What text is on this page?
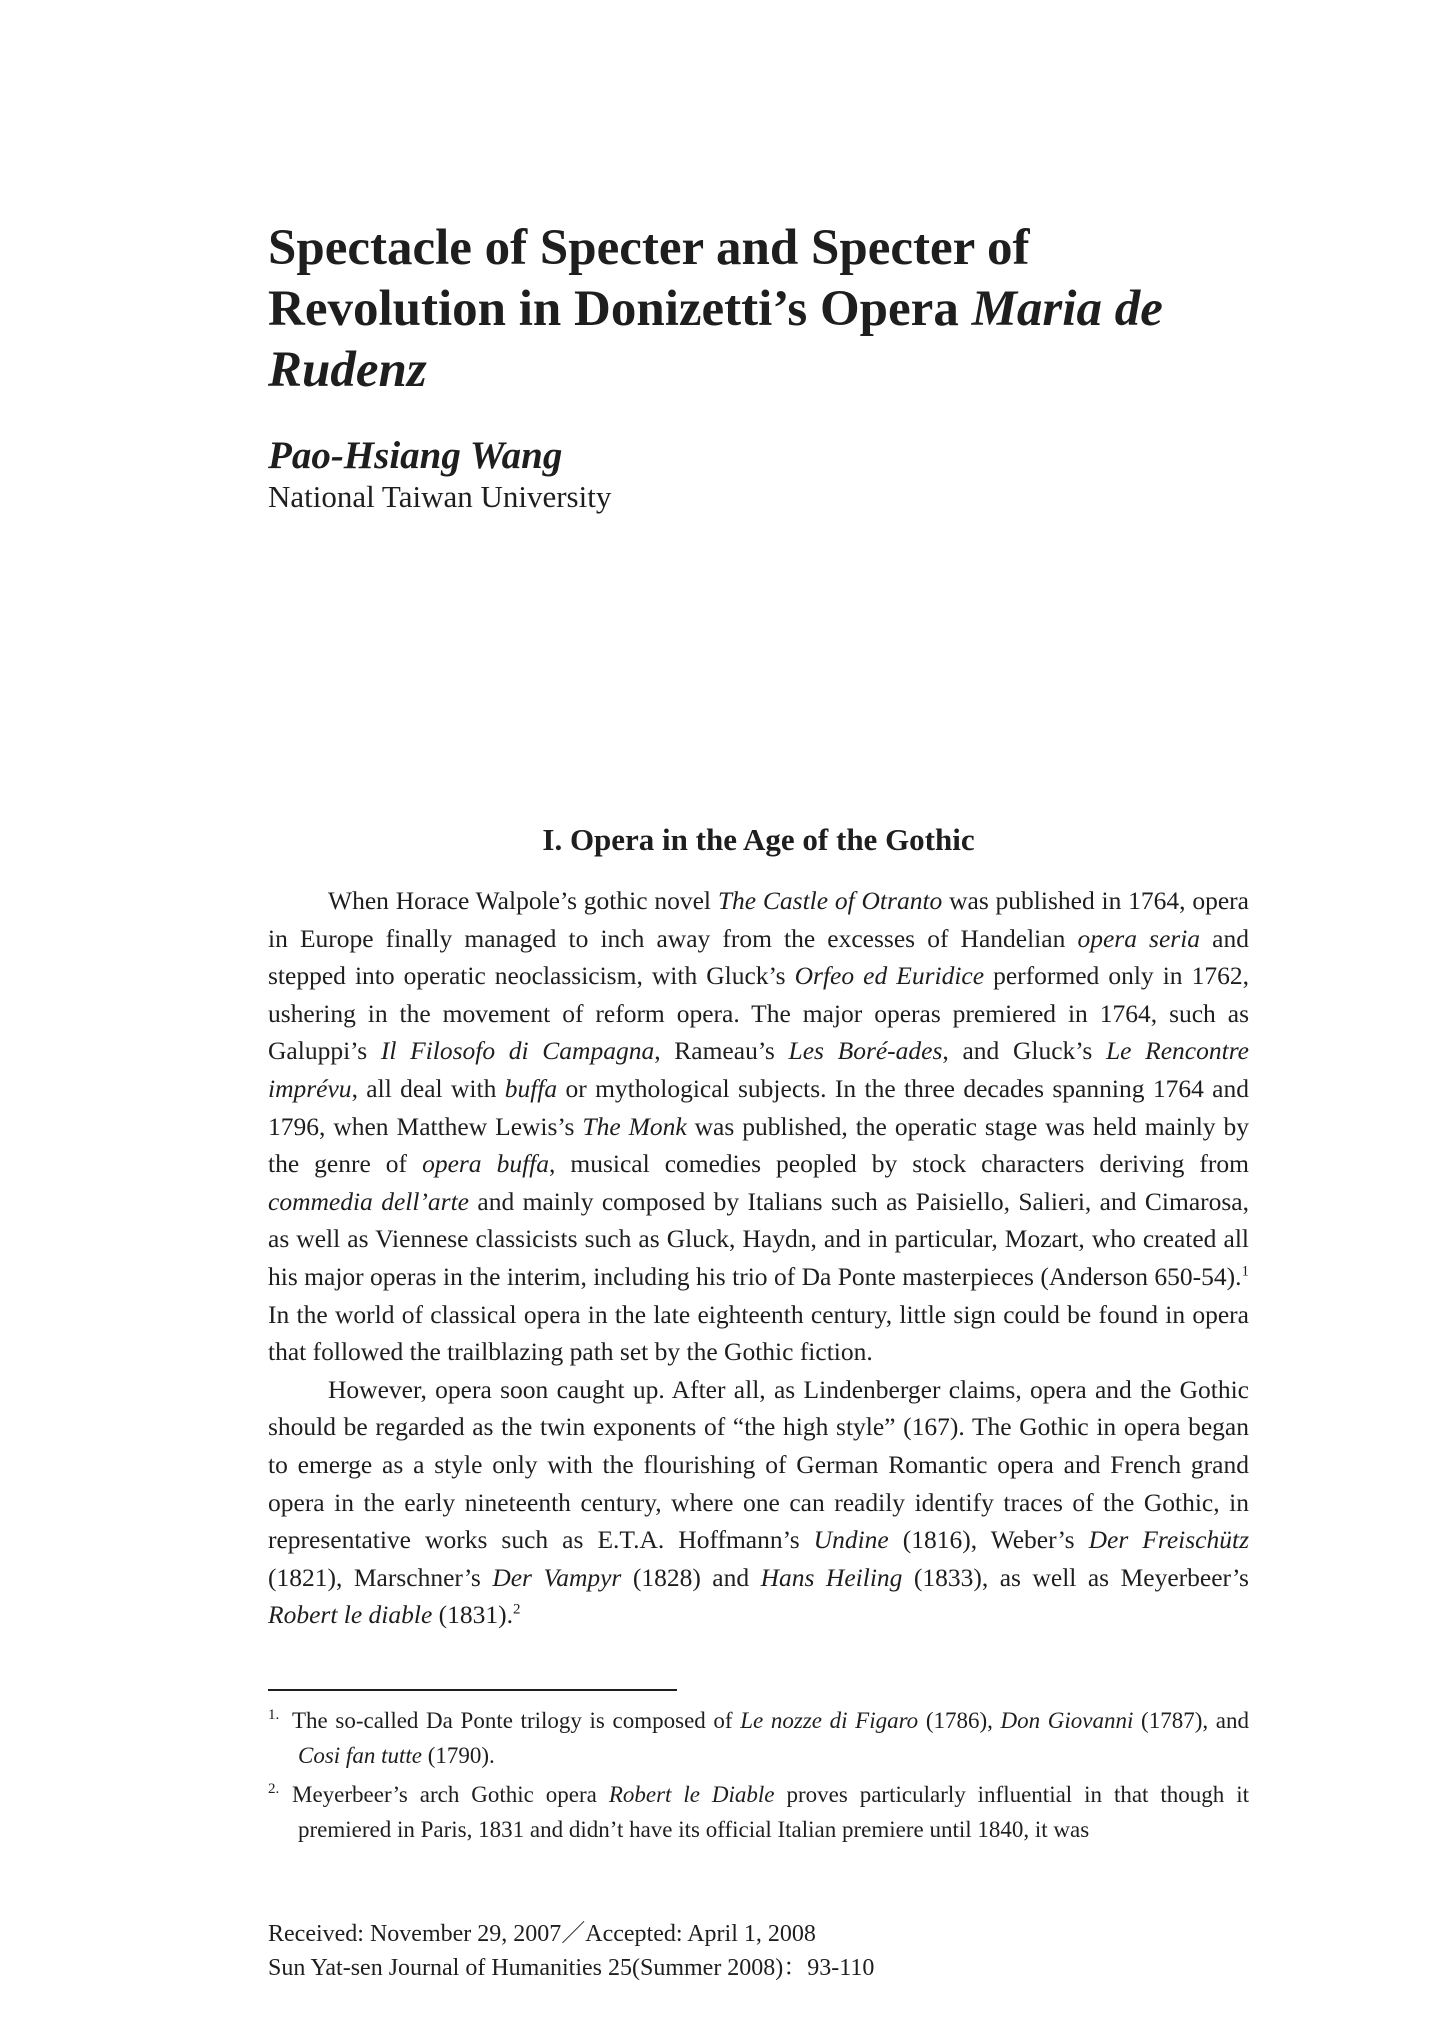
Spectacle of Specter and Specter of Revolution in Donizetti’s Opera Maria de Rudenz
Pao-Hsiang Wang
National Taiwan University
I. Opera in the Age of the Gothic

When Horace Walpole’s gothic novel The Castle of Otranto was published in 1764, opera in Europe finally managed to inch away from the excesses of Handelian opera seria and stepped into operatic neoclassicism, with Gluck’s Orfeo ed Euridice performed only in 1762, ushering in the movement of reform opera. The major operas premiered in 1764, such as Galuppi’s Il Filosofo di Campagna, Rameau’s Les Boré-ades, and Gluck’s Le Rencontre imprévu, all deal with buffa or mythological subjects. In the three decades spanning 1764 and 1796, when Matthew Lewis’s The Monk was published, the operatic stage was held mainly by the genre of opera buffa, musical comedies peopled by stock characters deriving from commedia dell’arte and mainly composed by Italians such as Paisiello, Salieri, and Cimarosa, as well as Viennese classicists such as Gluck, Haydn, and in particular, Mozart, who created all his major operas in the interim, including his trio of Da Ponte masterpieces (Anderson 650-54).$^1$ In the world of classical opera in the late eighteenth century, little sign could be found in opera that followed the trailblazing path set by the Gothic fiction.

However, opera soon caught up. After all, as Lindenberger claims, opera and the Gothic should be regarded as the twin exponents of “the high style” (167). The Gothic in opera began to emerge as a style only with the flourishing of German Romantic opera and French grand opera in the early nineteenth century, where one can readily identify traces of the Gothic, in representative works such as E.T.A. Hoffmann’s Undine (1816), Weber’s Der Freischütz (1821), Marschner’s Der Vampyr (1828) and Hans Heiling (1833), as well as Meyerbeer’s Robert le diable (1831).$^2$

1. The so-called Da Ponte trilogy is composed of Le nozze di Figaro (1786), Don Giovanni (1787), and Cosi fan tutte (1790).

2. Meyerbeer’s arch Gothic opera Robert le Diable proves particularly influential in that though it premiered in Paris, 1831 and didn’t have its official Italian premiere until 1840, it was

Received: November 29, 2007／Accepted: April 1, 2008
Sun Yat-sen Journal of Humanities 25(Summer 2008)：93-110
